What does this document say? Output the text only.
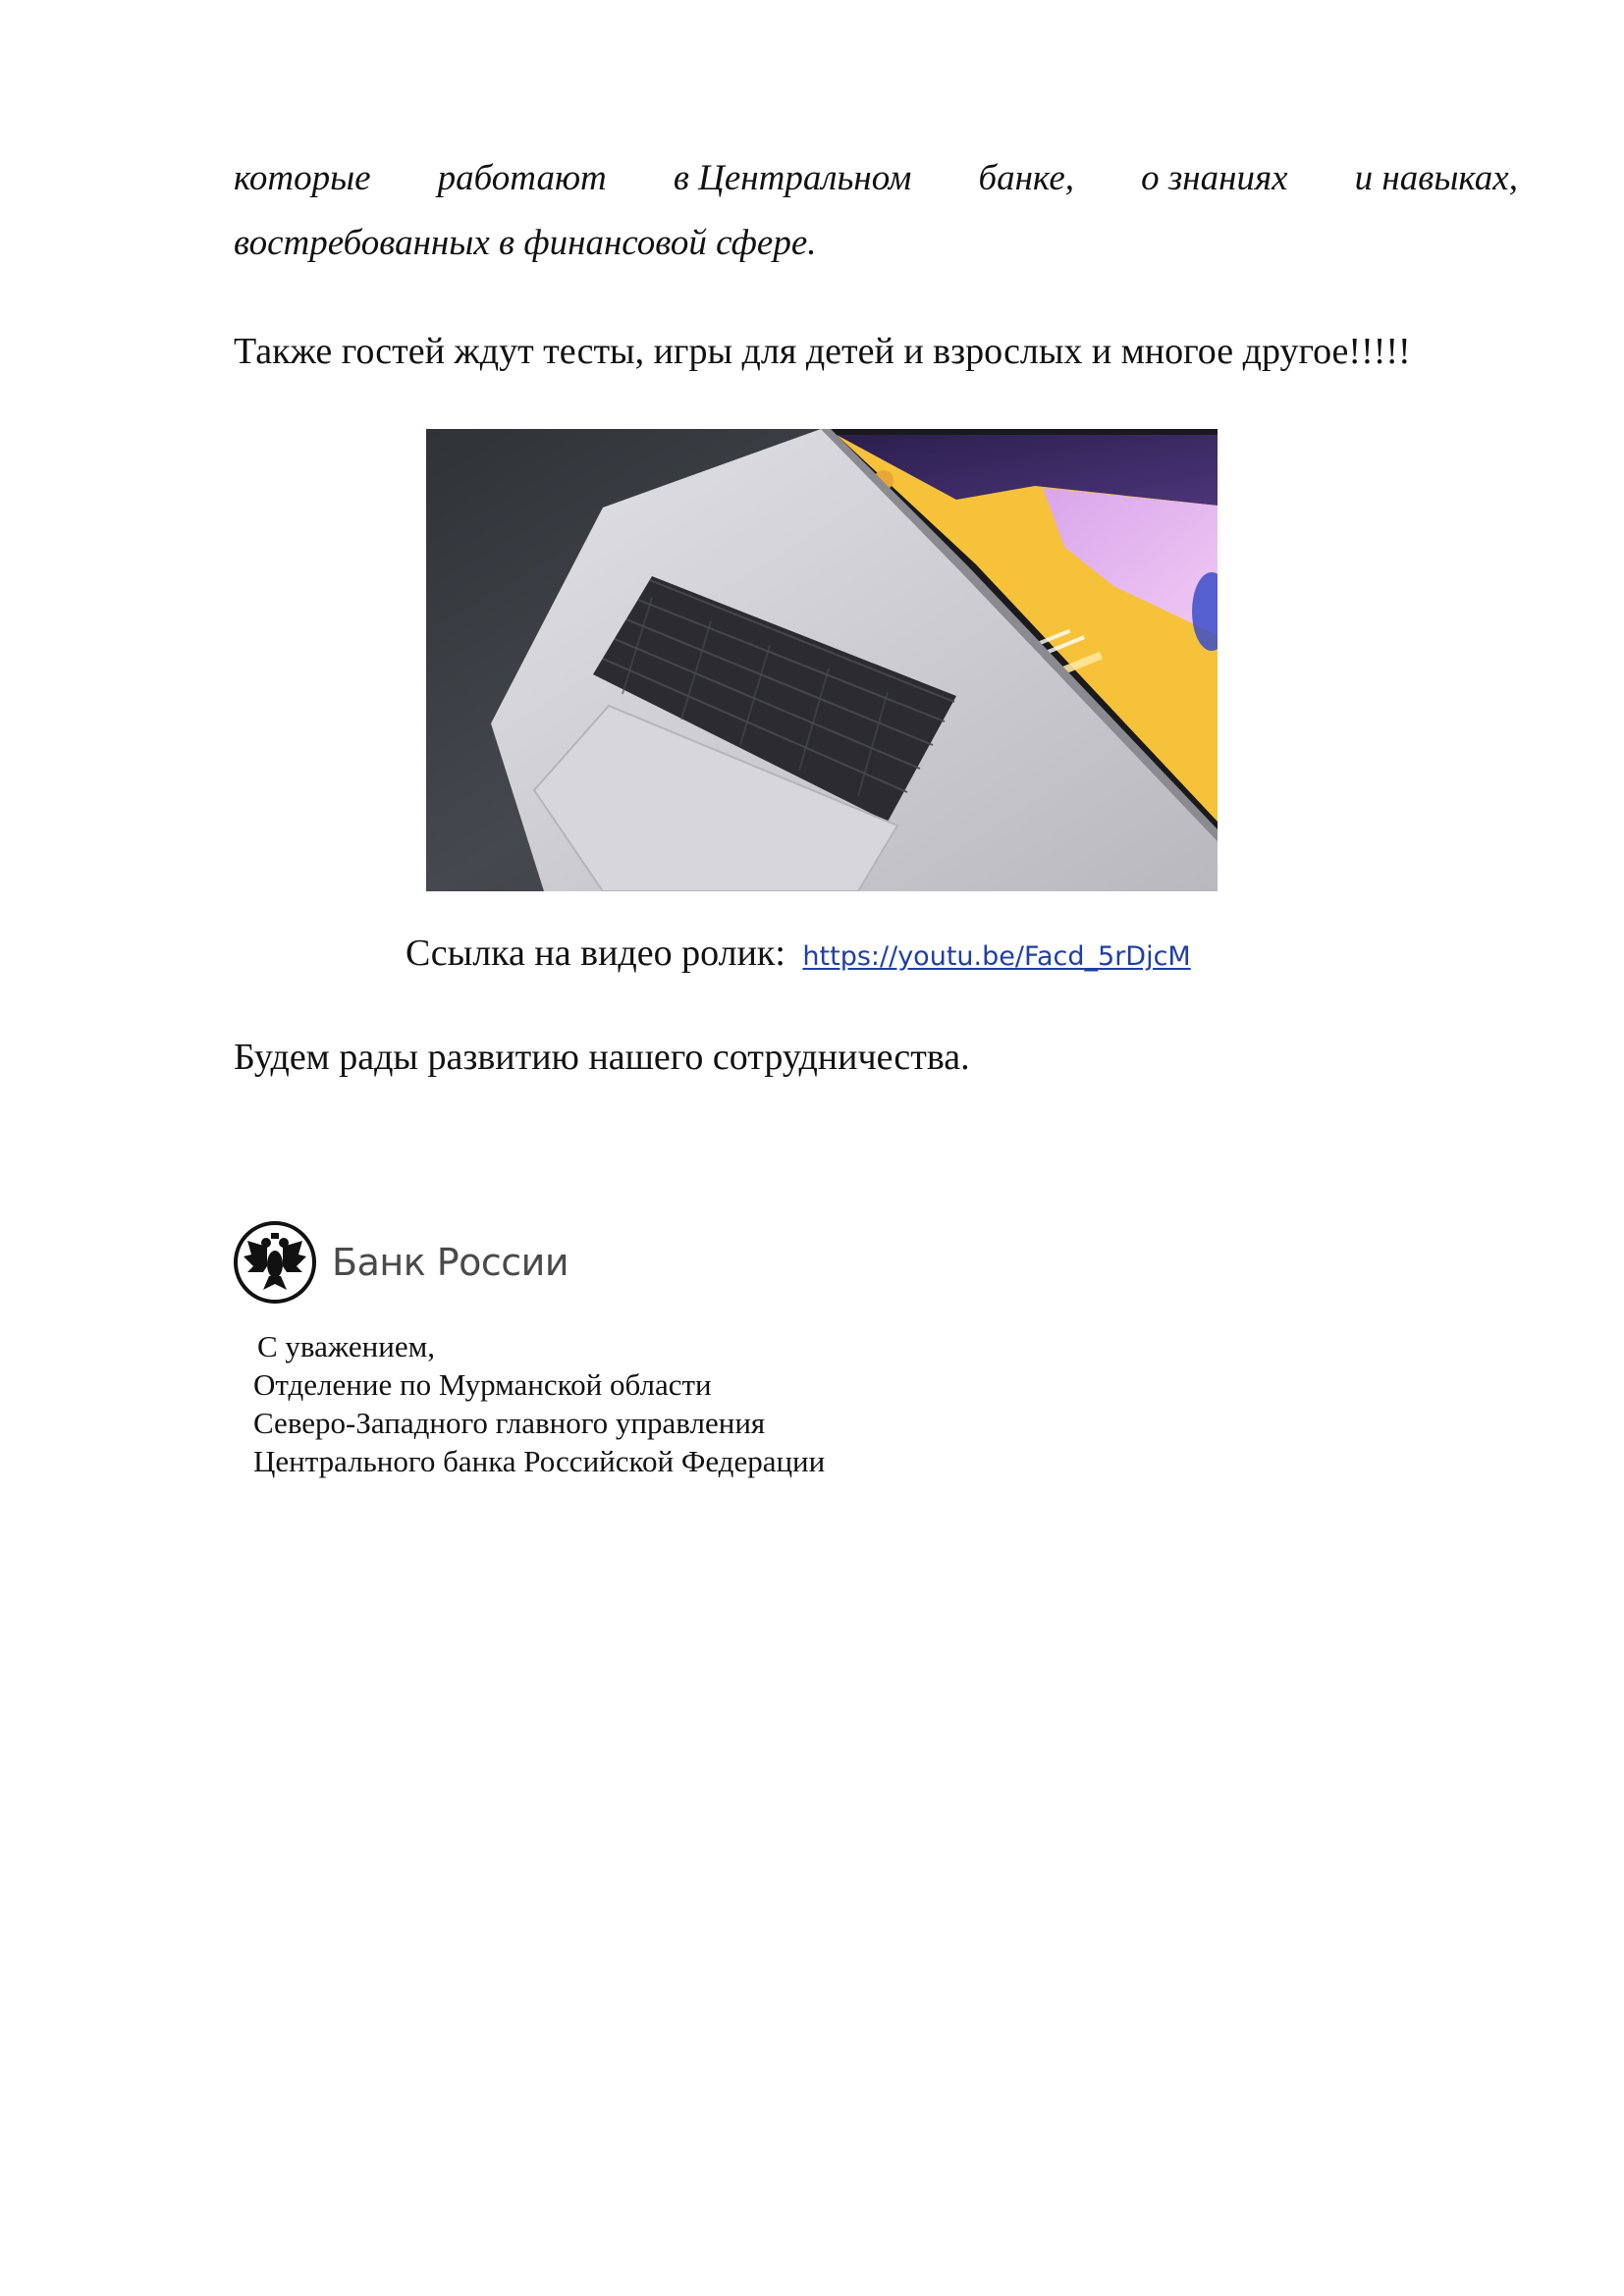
которые работают в Центральном банке, о знаниях и навыках,
востребованных в финансовой сфере.
Также гостей ждут тесты, игры для детей и взрослых и многое другое!!!!!
Ссылка на видео ролик: https://youtu.be/Facd_5rDjcM
Будем рады развитию нашего сотрудничества.
Банк России
С уважением,
Отделение по Мурманской области
Северо-Западного главного управления
Центрального банка Российской Федерации
